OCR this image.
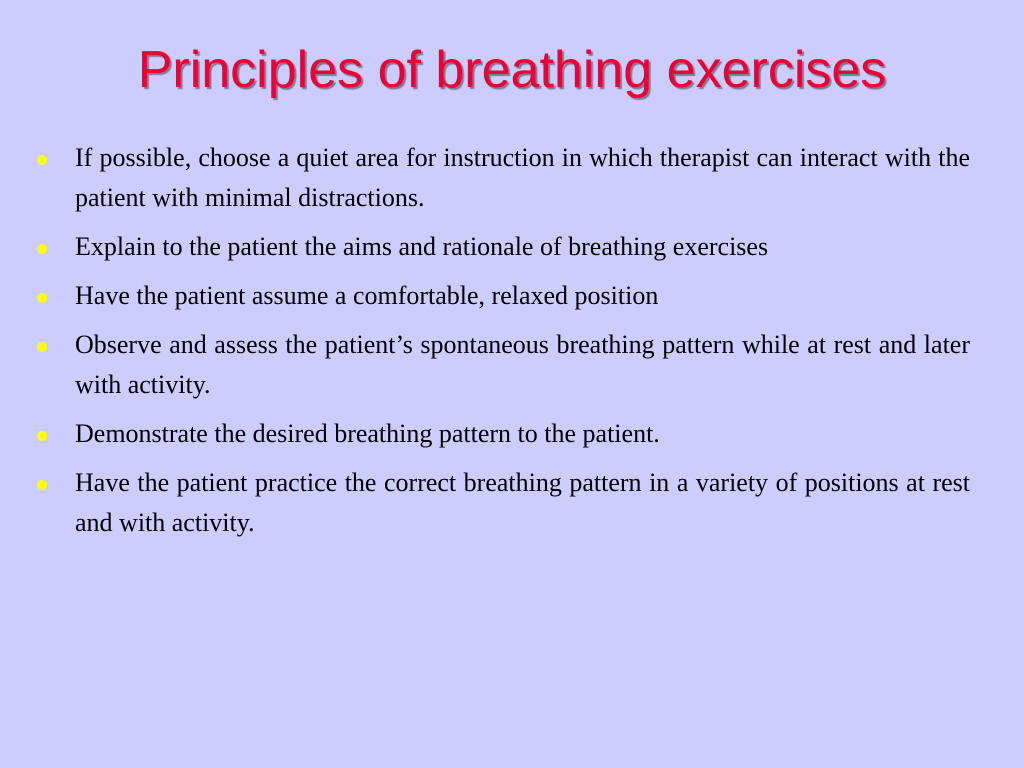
Principles of breathing exercises
If possible, choose a quiet area for instruction in which therapist can interact with the patient with minimal distractions.
Explain to the patient the aims and rationale of breathing exercises
Have the patient assume a comfortable, relaxed position
Observe and assess the patient’s spontaneous breathing pattern while at rest and later with activity.
Demonstrate the desired breathing pattern to the patient.
Have the patient practice the correct breathing pattern in a variety of positions at rest and with activity.
